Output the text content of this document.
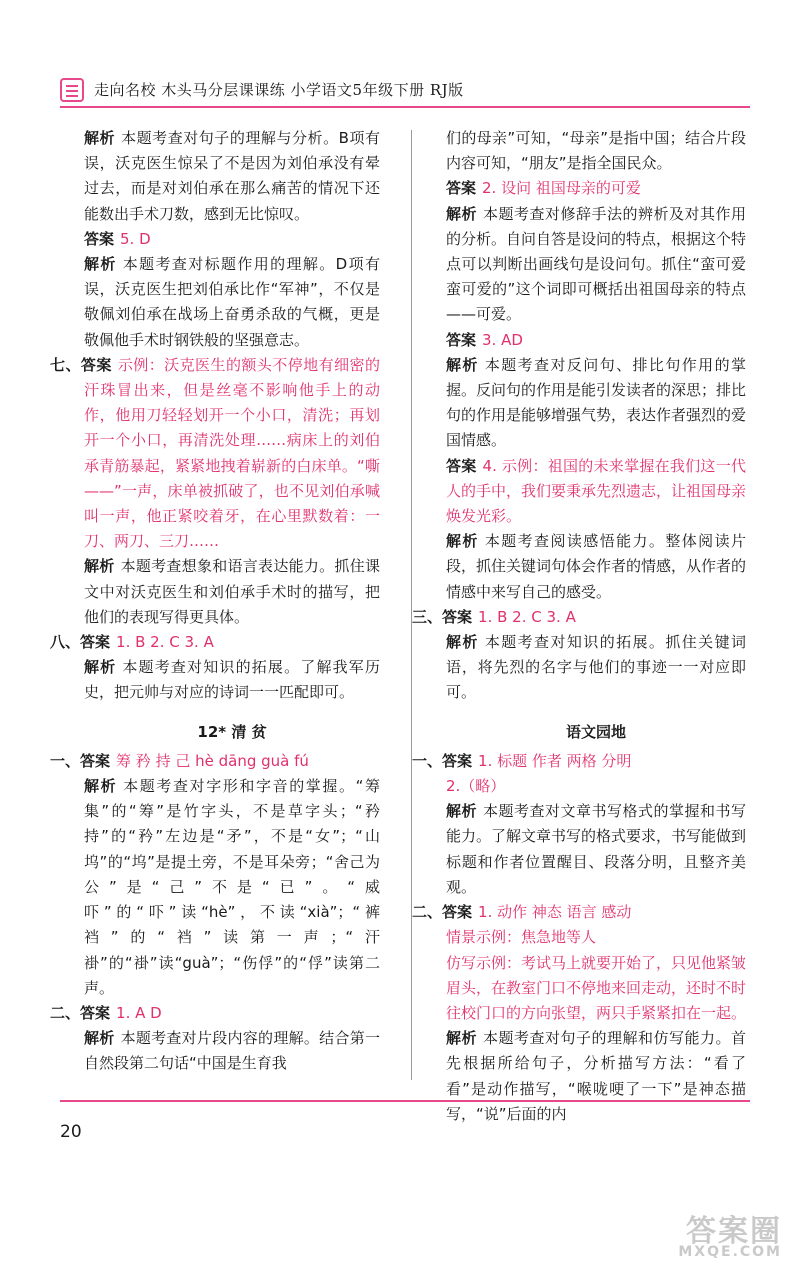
走向名校 木头马分层课课练 小学语文5年级下册 RJ版

解析 本题考查对句子的理解与分析。B项有误，沃克医生惊呆了不是因为刘伯承没有晕过去，而是对刘伯承在那么痛苦的情况下还能数出手术刀数，感到无比惊叹。

答案 5. D

解析 本题考查对标题作用的理解。D项有误，沃克医生把刘伯承比作“军神”，不仅是敬佩刘伯承在战场上奋勇杀敌的气概，更是敬佩他手术时钢铁般的坚强意志。

七、答案 示例：沃克医生的额头不停地有细密的汗珠冒出来，但是丝毫不影响他手上的动作，他用刀轻轻划开一个小口，清洗；再划开一个小口，再清洗处理……病床上的刘伯承青筋暴起，紧紧地拽着崭新的白床单。“嘶——”一声，床单被抓破了，也不见刘伯承喊叫一声，他正紧咬着牙，在心里默数着：一刀、两刀、三刀……

解析 本题考查想象和语言表达能力。抓住课文中对沃克医生和刘伯承手术时的描写，把他们的表现写得更具体。

八、答案 1. B 2. C 3. A

解析 本题考查对知识的拓展。了解我军历史，把元帅与对应的诗词一一匹配即可。

12* 清 贫

一、答案 筹 矜 持 己 hè dāng guà fú

解析 本题考查对字形和字音的掌握。“筹集”的“筹”是竹字头，不是草字头；“矜持”的“矜”左边是“矛”，不是“女”；“山坞”的“坞”是提土旁，不是耳朵旁；“舍己为公”是“己”不是“已”。“威吓”的“吓”读“hè”，不读“xià”；“裤裆”的“裆”读第一声；“汗褂”的“褂”读“guà”；“伤俘”的“俘”读第二声。

二、答案 1. A D

解析 本题考查对片段内容的理解。结合第一自然段第二句话“中国是生育我

们的母亲”可知，“母亲”是指中国；结合片段内容可知，“朋友”是指全国民众。

答案 2. 设问 祖国母亲的可爱

解析 本题考查对修辞手法的辨析及对其作用的分析。自问自答是设问的特点，根据这个特点可以判断出画线句是设问句。抓住“蛮可爱蛮可爱的”这个词即可概括出祖国母亲的特点——可爱。

答案 3. AD

解析 本题考查对反问句、排比句作用的掌握。反问句的作用是能引发读者的深思；排比句的作用是能够增强气势，表达作者强烈的爱国情感。

答案 4. 示例：祖国的未来掌握在我们这一代人的手中，我们要秉承先烈遗志，让祖国母亲焕发光彩。

解析 本题考查阅读感悟能力。整体阅读片段，抓住关键词句体会作者的情感，从作者的情感中来写自己的感受。

三、答案 1. B 2. C 3. A

解析 本题考查对知识的拓展。抓住关键词语，将先烈的名字与他们的事迹一一对应即可。

语文园地

一、答案 1. 标题 作者 两格 分明

2.（略）

解析 本题考查对文章书写格式的掌握和书写能力。了解文章书写的格式要求，书写能做到标题和作者位置醒目、段落分明，且整齐美观。

二、答案 1. 动作 神态 语言 感动

情景示例：焦急地等人

仿写示例：考试马上就要开始了，只见他紧皱眉头，在教室门口不停地来回走动，还时不时往校门口的方向张望，两只手紧紧扣在一起。

解析 本题考查对句子的理解和仿写能力。首先根据所给句子，分析描写方法：“看了看”是动作描写，“喉咙哽了一下”是神态描写，“说”后面的内

20
答案圈
MXQE.COM
